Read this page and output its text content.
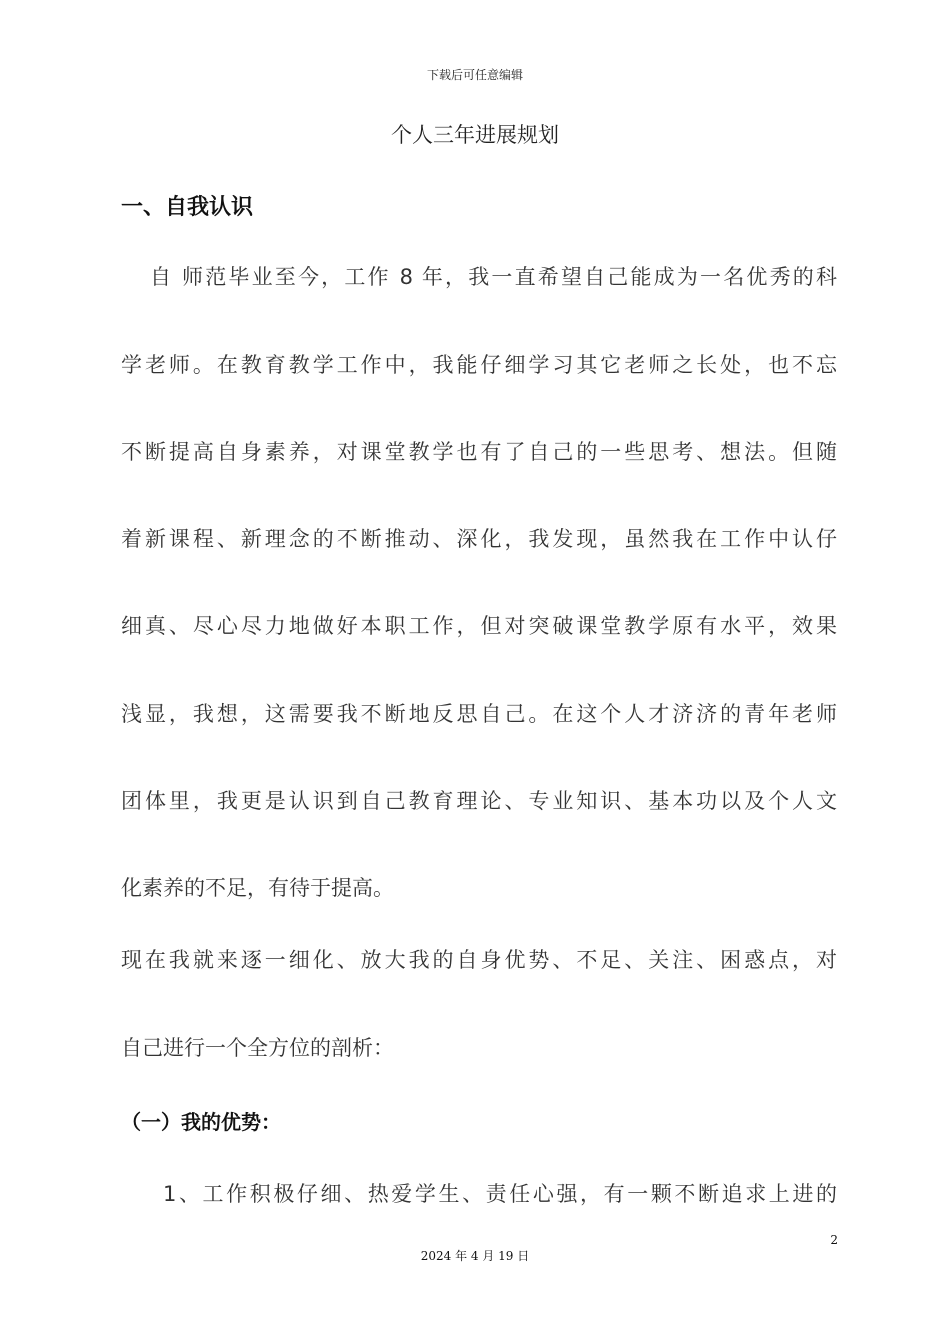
下载后可任意编辑
个人三年进展规划
一、自我认识
自 师范毕业至今，工作 8 年，我一直希望自己能成为一名优秀的科
学老师。在教育教学工作中，我能仔细学习其它老师之长处，也不忘
不断提高自身素养，对课堂教学也有了自己的一些思考、想法。但随
着新课程、新理念的不断推动、深化，我发现，虽然我在工作中认仔
细真、尽心尽力地做好本职工作，但对突破课堂教学原有水平，效果
浅显，我想，这需要我不断地反思自己。在这个人才济济的青年老师
团体里，我更是认识到自己教育理论、专业知识、基本功以及个人文
化素养的不足，有待于提高。
现在我就来逐一细化、放大我的自身优势、不足、关注、困惑点，对
自己进行一个全方位的剖析：
（一）我的优势：
1、工作积极仔细、热爱学生、责任心强，有一颗不断追求上进的
2
2024 年 4 月 19 日
